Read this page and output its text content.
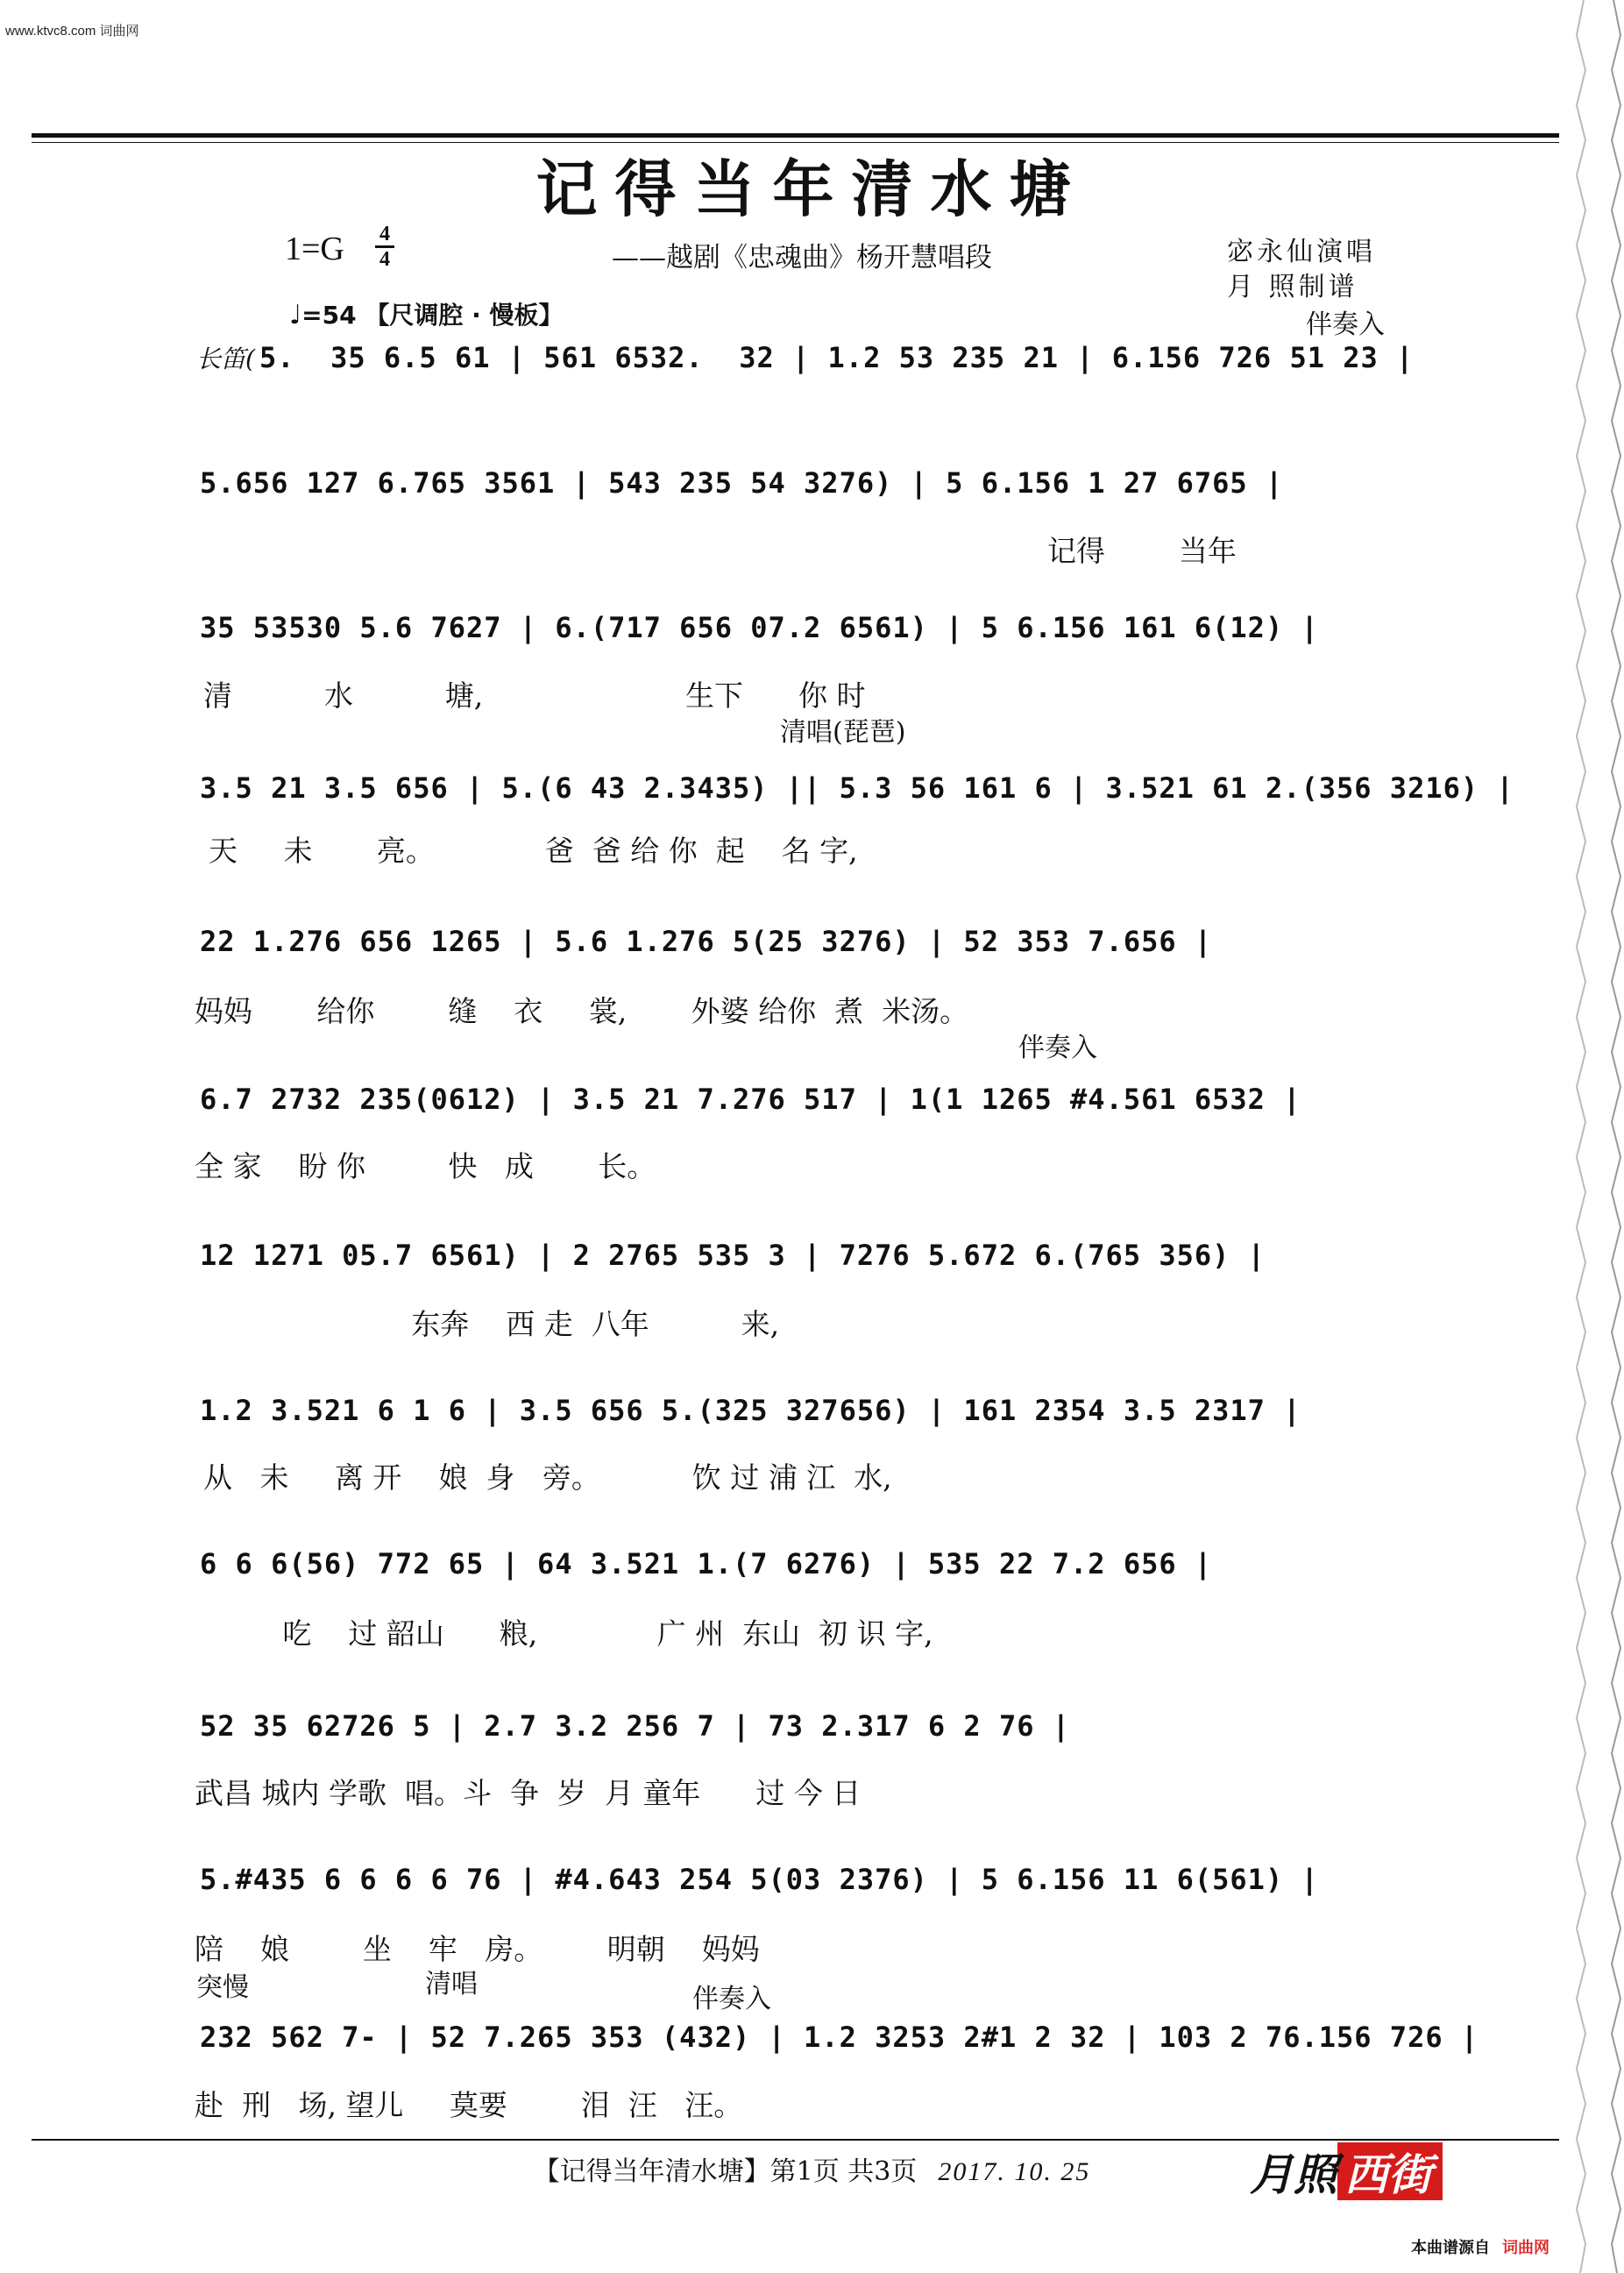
www.ktvc8.com 词曲网
记得当年清水塘
1=G 4
4	——越剧《忠魂曲》杨开慧唱段	宓永仙演唱
月 照制谱
♩=54 【尺调腔 · 慢板】	伴奏入
长笛( 5.  35 6.5 61 | 561 6532.  32 | 1.2 53 235 21 | 6.156 726 51 23 |
5.656 127 6.765 3561 | 543 235 54 3276) | 5 6.156 1 27 6765 |
记得        当年
35 53530 5.6 7627 | 6.(717 656 07.2 6561) | 5 6.156 161 6(12) |
清          水          塘,                      生下      你 时
清唱(琵琶)
3.5 21 3.5 656 | 5.(6 43 2.3435) || 5.3 56 161 6 | 3.521 61 2.(356 3216) |
天     未       亮。            爸  爸 给 你  起    名 字,
22 1.276 656 1265 | 5.6 1.276 5(25 3276) | 52 353 7.656 |
妈妈       给你        缝    衣     裳,       外婆 给你  煮  米汤。
伴奏入
6.7 2732 235(0612) | 3.5 21 7.276 517 | 1(1 1265 #4.561 6532 |
全 家    盼 你         快   成       长。
12 1271 05.7 6561) | 2 2765 535 3 | 7276 5.672 6.(765 356) |
东奔    西 走  八年          来,
1.2 3.521 6 1 6 | 3.5 656 5.(325 327656) | 161 2354 3.5 2317 |
从   未     离 开    娘  身   旁。          饮 过 浦 江  水,
6 6 6(56) 772 65 | 64 3.521 1.(7 6276) | 535 22 7.2 656 |
吃    过 韶山      粮,             广 州  东山  初 识 字,
52 35 62726 5 | 2.7 3.2 256 7 | 73 2.317 6 2 76 |
武昌 城内 学歌  唱。斗  争  岁  月 童年      过 今 日
5.#435 6 6 6 6 76 | #4.643 254 5(03 2376) | 5 6.156 11 6(561) |
陪    娘        坐    牢   房。       明朝    妈妈
突慢	清唱	伴奏入
232 562 7- | 52 7.265 353 (432) | 1.2 3253 2#1 2 32 | 103 2 76.156 726 |
赴  刑   场, 望儿     莫要        泪  汪   汪。
【记得当年清水塘】第1页 共3页 2017. 10. 25	月照 西街
本曲谱源自 词曲网
